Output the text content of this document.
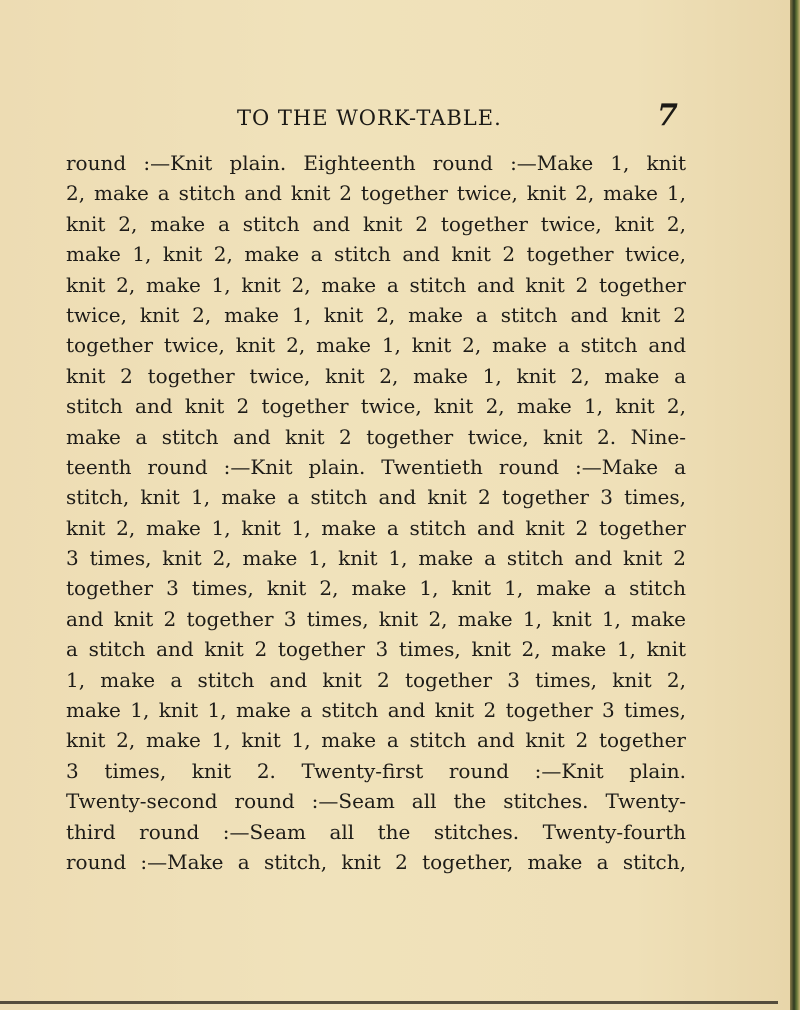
TO THE WORK-TABLE.	7
round :—Knit plain. Eighteenth round :—Make 1, knit
2, make a stitch and knit 2 together twice, knit 2, make 1,
knit 2, make a stitch and knit 2 together twice, knit 2,
make 1, knit 2, make a stitch and knit 2 together twice,
knit 2, make 1, knit 2, make a stitch and knit 2 together
twice, knit 2, make 1, knit 2, make a stitch and knit 2
together twice, knit 2, make 1, knit 2, make a stitch and
knit 2 together twice, knit 2, make 1, knit 2, make a
stitch and knit 2 together twice, knit 2, make 1, knit 2,
make a stitch and knit 2 together twice, knit 2. Nine-
teenth round :—Knit plain. Twentieth round :—Make a
stitch, knit 1, make a stitch and knit 2 together 3 times,
knit 2, make 1, knit 1, make a stitch and knit 2 together
3 times, knit 2, make 1, knit 1, make a stitch and knit 2
together 3 times, knit 2, make 1, knit 1, make a stitch
and knit 2 together 3 times, knit 2, make 1, knit 1, make
a stitch and knit 2 together 3 times, knit 2, make 1, knit
1, make a stitch and knit 2 together 3 times, knit 2,
make 1, knit 1, make a stitch and knit 2 together 3 times,
knit 2, make 1, knit 1, make a stitch and knit 2 together
3 times, knit 2. Twenty-first round :—Knit plain.
Twenty-second round :—Seam all the stitches. Twenty-
third round :—Seam all the stitches. Twenty-fourth
round :—Make a stitch, knit 2 together, make a stitch,
